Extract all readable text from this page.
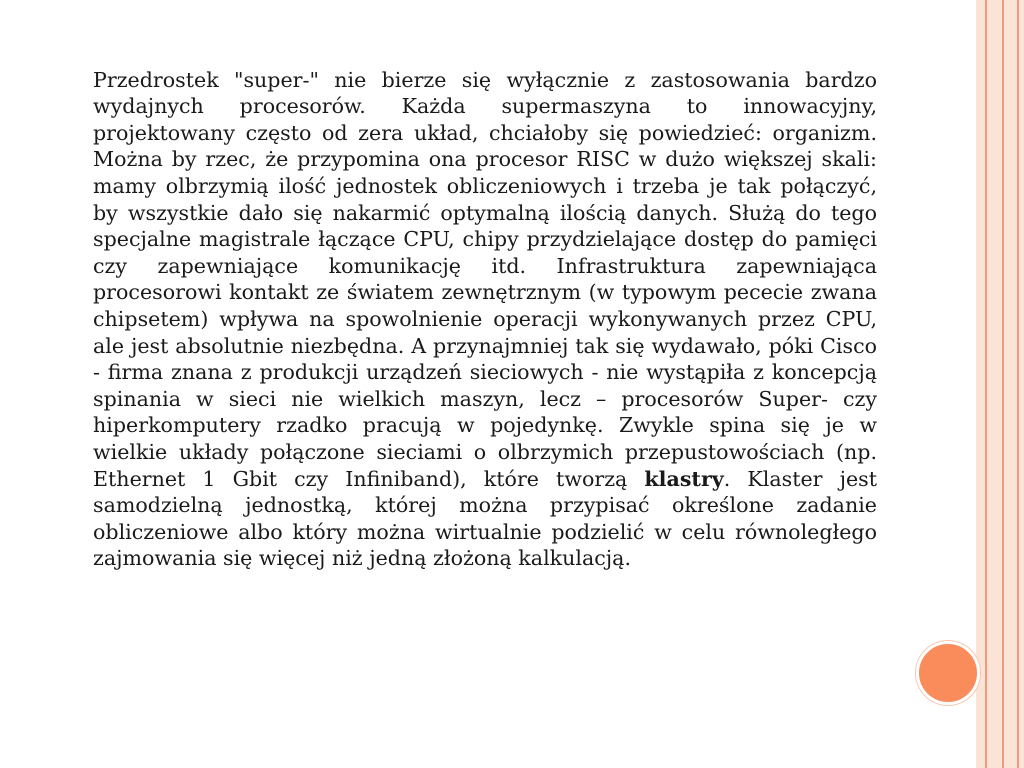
Przedrostek "super-" nie bierze się wyłącznie z zastosowania bardzo wydajnych procesorów. Każda supermaszyna to innowacyjny, projektowany często od zera układ, chciałoby się powiedzieć: organizm. Można by rzec, że przypomina ona procesor RISC w dużo większej skali: mamy olbrzymią ilość jednostek obliczeniowych i trzeba je tak połączyć, by wszystkie dało się nakarmić optymalną ilością danych. Służą do tego specjalne magistrale łączące CPU, chipy przydzielające dostęp do pamięci czy zapewniające komunikację itd. Infrastruktura zapewniająca procesorowi kontakt ze światem zewnętrznym (w typowym pececie zwana chipsetem) wpływa na spowolnienie operacji wykonywanych przez CPU, ale jest absolutnie niezbędna. A przynajmniej tak się wydawało, póki Cisco - firma znana z produkcji urządzeń sieciowych - nie wystąpiła z koncepcją spinania w sieci nie wielkich maszyn, lecz – procesorów Super- czy hiperkomputery rzadko pracują w pojedynkę. Zwykle spina się je w wielkie układy połączone sieciami o olbrzymich przepustowościach (np. Ethernet 1 Gbit czy Infiniband), które tworzą klastry. Klaster jest samodzielną jednostką, której można przypisać określone zadanie obliczeniowe albo który można wirtualnie podzielić w celu równoległego zajmowania się więcej niż jedną złożoną kalkulacją.
